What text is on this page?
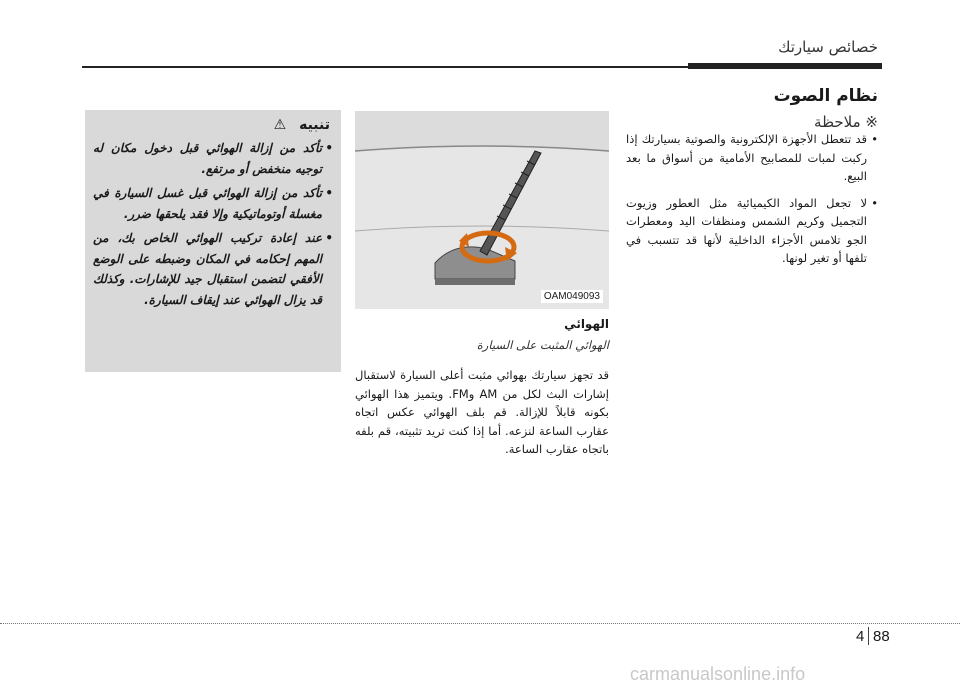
خصائص سيارتك
نظام الصوت
※ ملاحظة
•
قد تتعطل الأجهزة الإلكترونية والصوتية بسيارتك إذا ركبت لمبات للمصابيح الأمامية من أسواق ما بعد البيع.
•
لا تجعل المواد الكيميائية مثل العطور وزيوت التجميل وكريم الشمس ومنظفات اليد ومعطرات الجو تلامس الأجزاء الداخلية لأنها قد تتسبب في تلفها أو تغير لونها.
OAM049093
الهوائي
الهوائي المثبت على السيارة
قد تجهز سيارتك بهوائي مثبت أعلى السيارة لاستقبال إشارات البث لكل من AM وFM. ويتميز هذا الهوائي بكونه قابلاً للإزالة. قم بلف الهوائي عكس اتجاه عقارب الساعة لنزعه. أما إذا كنت تريد تثبيته، قم بلفه باتجاه عقارب الساعة.
تنبيه ⚠
•
تأكد من إزالة الهوائي قبل دخول مكان له توجيه منخفض أو مرتفع.
•
تأكد من إزالة الهوائي قبل غسل السيارة في مغسلة أوتوماتيكية وإلا فقد يلحقها ضرر.
•
عند إعادة تركيب الهوائي الخاص بك، من المهم إحكامه في المكان وضبطه على الوضع الأفقي لتضمن استقبال جيد للإشارات. وكذلك قد يزال الهوائي عند إيقاف السيارة.
4 88
carmanualsonline.info
